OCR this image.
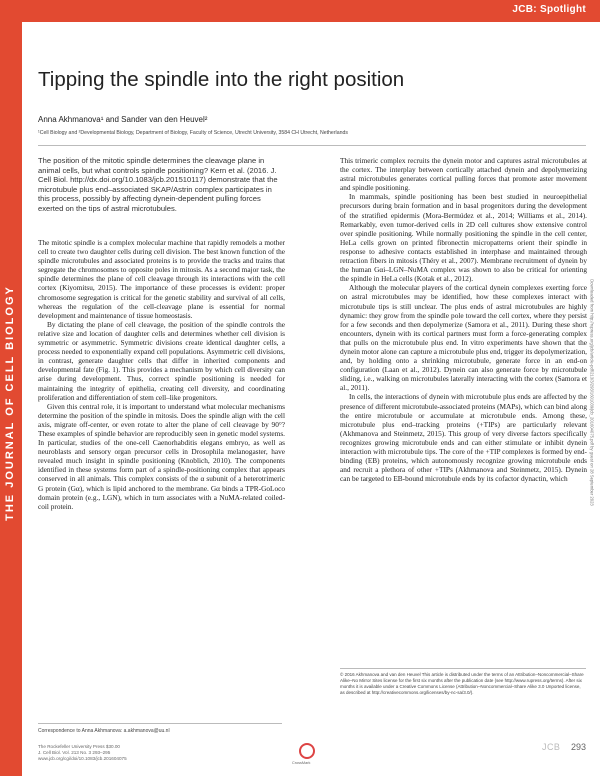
JCB: Spotlight
THE JOURNAL OF CELL BIOLOGY
Tipping the spindle into the right position
Anna Akhmanova¹ and Sander van den Heuvel²
¹Cell Biology and ²Developmental Biology, Department of Biology, Faculty of Science, Utrecht University, 3584 CH Utrecht, Netherlands
The position of the mitotic spindle determines the cleavage plane in animal cells, but what controls spindle positioning? Kern et al. (2016. J. Cell Biol. http://dx.doi.org/10.1083/jcb.201510117) demonstrate that the microtubule plus end–associated SKAP/Astrin complex participates in this process, possibly by affecting dynein-dependent pulling forces exerted on the tips of astral microtubules.

The mitotic spindle is a complex molecular machine that rapidly remodels a mother cell to create two daughter cells during cell division. The best known function of the spindle microtubules and associated proteins is to provide the tracks and trains that segregate the chromosomes to opposite poles in mitosis. As a second major task, the spindle determines the plane of cell cleavage through its interactions with the cell cortex (Kiyomitsu, 2015). The importance of these processes is evident: proper chromosome segregation is critical for the genetic stability and survival of all cells, whereas the regulation of the cell-cleavage plane is essential for normal development and maintenance of tissue homeostasis.

By dictating the plane of cell cleavage, the position of the spindle controls the relative size and location of daughter cells and determines whether cell division is symmetric or asymmetric. Symmetric divisions create identical daughter cells, a process needed to exponentially expand cell populations. Asymmetric cell divisions, in contrast, generate daughter cells that differ in inherited components and developmental fate (Fig. 1). This provides a mechanism by which cell diversity can arise during development. Thus, correct spindle positioning is needed for maintaining the integrity of epithelia, creating cell diversity, and coordinating proliferation and differentiation of stem cell–like progenitors.

Given this central role, it is important to understand what molecular mechanisms determine the position of the spindle in mitosis. Does the spindle align with the cell axis, migrate off-center, or even rotate to alter the plane of cell cleavage by 90°? These examples of spindle behavior are reproducibly seen in genetic model systems. In particular, studies of the one-cell Caenorhabditis elegans embryo, as well as neuroblasts and sensory organ precursor cells in Drosophila melanogaster, have revealed much insight in spindle positioning (Knoblich, 2010). The components identified in these systems form part of a spindle-positioning complex that appears conserved in all animals. This complex consists of the α subunit of a heterotrimeric G protein (Gα), which is lipid anchored to the membrane. Gα binds a TPR-GoLoco domain protein (e.g., LGN), which in turn associates with a NuMA-related coiled-coil protein.

This trimeric complex recruits the dynein motor and captures astral microtubules at the cortex. The interplay between cortically attached dynein and depolymerizing astral microtubules generates cortical pulling forces that promote aster movement and spindle positioning.

In mammals, spindle positioning has been best studied in neuroepithelial precursors during brain formation and in basal progenitors during the development of the stratified epidermis (Mora-Bermúdez et al., 2014; Williams et al., 2014). Remarkably, even tumor-derived cells in 2D cell cultures show extensive control over spindle positioning. While normally positioning the spindle in the cell center, HeLa cells grown on printed fibronectin micropatterns orient their spindle in response to adhesive contacts established in interphase and maintained through retraction fibers in mitosis (Théry et al., 2007). Membrane recruitment of dynein by the human Gαi–LGN–NuMA complex was shown to also be critical for orienting the spindle in HeLa cells (Kotak et al., 2012).

Although the molecular players of the cortical dynein complexes exerting force on astral microtubules may be identified, how these complexes interact with microtubule tips is still unclear. The plus ends of astral microtubules are highly dynamic: they grow from the spindle pole toward the cell cortex, where they persist for a few seconds and then depolymerize (Samora et al., 2011). During these short encounters, dynein with its cortical partners must form a force-generating complex that pulls on the microtubule plus end. In vitro experiments have shown that the dynein motor alone can capture a microtubule plus end, trigger its depolymerization, and, by holding onto a shrinking microtubule, generate force in an end-on configuration (Laan et al., 2012). Dynein can also generate force by microtubule sliding, i.e., walking on microtubules laterally interacting with the cortex (Samora et al., 2011).

In cells, the interactions of dynein with microtubule plus ends are affected by the presence of different microtubule-associated proteins (MAPs), which can bind along the entire microtubule or accumulate at microtubule ends. Among these, microtubule plus end–tracking proteins (+TIPs) are particularly relevant (Akhmanova and Steinmetz, 2015). This group of very diverse factors specifically recognizes growing microtubule ends and can either stimulate or inhibit dynein interaction with microtubule tips. The core of the +TIP complexes is formed by end-binding (EB) proteins, which autonomously recognize growing microtubule ends and recruit a plethora of other +TIPs (Akhmanova and Steinmetz, 2015). Dynein can be targeted to EB-bound microtubule ends by its cofactor dynactin, which

© 2016 Akhmanova and van den Heuvel This article is distributed under the terms of an Attribution–Noncommercial–Share Alike–No Mirror Sites license for the first six months after the publication date (see http://www.rupress.org/terms). After six months it is available under a Creative Commons License (Attribution–Noncommercial–Share Alike 3.0 Unported license, as described at http://creativecommons.org/licenses/by-nc-sa/3.0/).
Correspondence to Anna Akhmanova: a.akhmanova@uu.nl
The Rockefeller University Press $30.00
J. Cell Biol. Vol. 213 No. 3 293–295
www.jcb.org/cgi/doi/10.1083/jcb.201604075
CrossMark
JCB 293
Downloaded from http://rupress.org/jcb/article-pdf/213/3/293/1601039/jcb_201604075.pdf by guest on 28 September 2023
